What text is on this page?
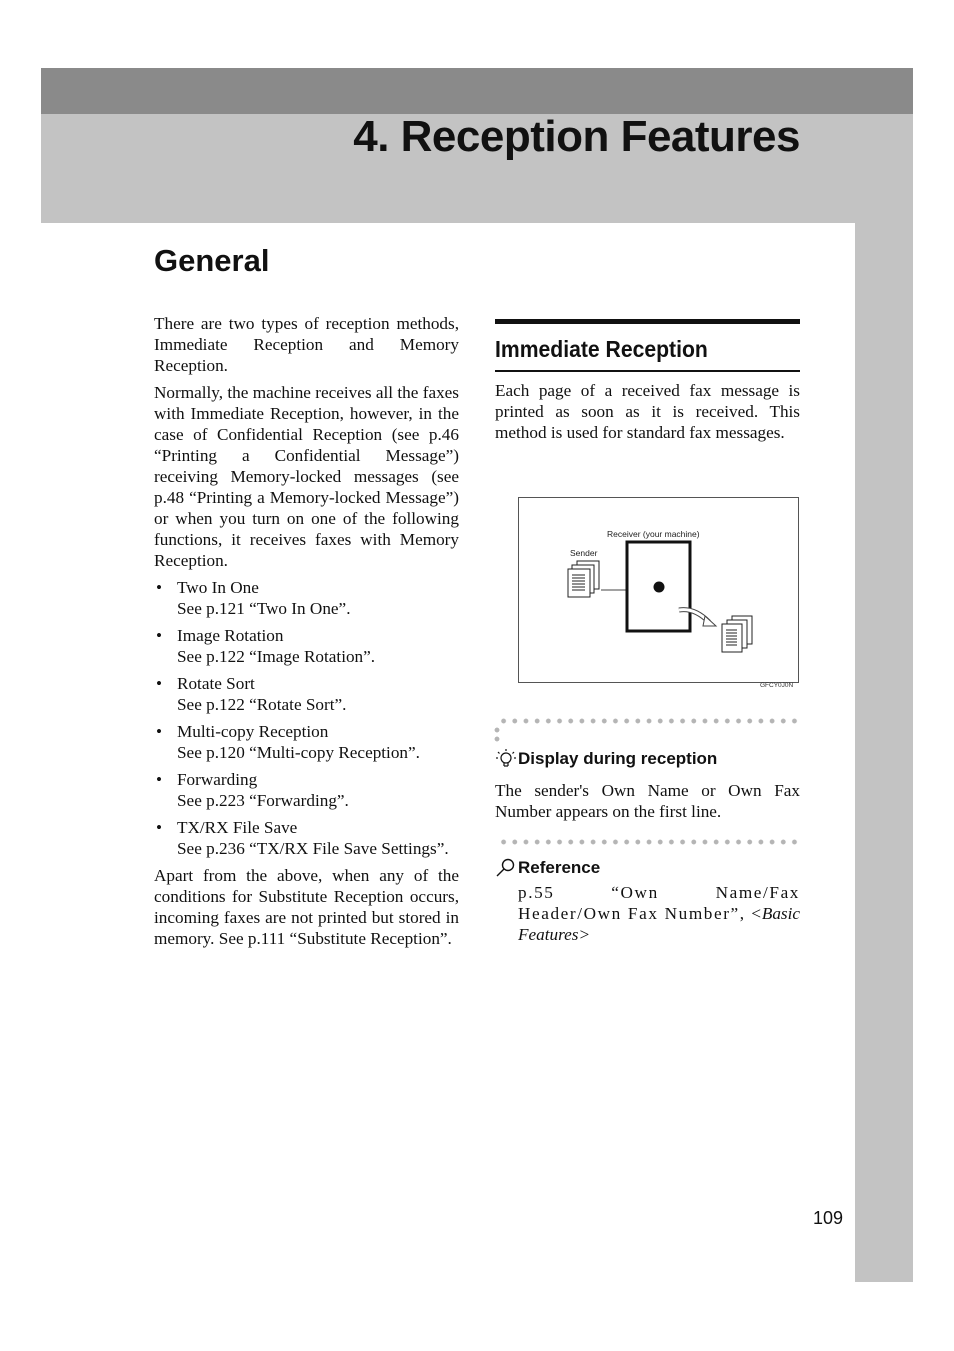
4. Reception Features
General

There are two types of reception methods, Immediate Reception and Memory Reception.

Normally, the machine receives all the faxes with Immediate Reception, however, in the case of Confidential Reception (see p.46 “Printing a Confidential Message”) receiving Memory-locked messages (see p.48 “Printing a Memory-locked Message”) or when you turn on one of the following functions, it receives faxes with Memory Reception.

• Two In One
See p.121 “Two In One”.
• Image Rotation
See p.122 “Image Rotation”.
• Rotate Sort
See p.122 “Rotate Sort”.
• Multi-copy Reception
See p.120 “Multi-copy Reception”.
• Forwarding
See p.223 “Forwarding”.
• TX/RX File Save
See p.236 “TX/RX File Save Settings”.

Apart from the above, when any of the conditions for Substitute Reception occurs, incoming faxes are not printed but stored in memory. See p.111 “Substitute Reception”.

Immediate Reception

Each page of a received fax message is printed as soon as it is received. This method is used for standard fax messages.

Receiver (your machine)
Sender
GFCY0J0N
Display during reception
The sender's Own Name or Own Fax Number appears on the first line.
Reference
p.55 “Own Name/Fax Header/Own Fax Number”, <Basic Features>
109
